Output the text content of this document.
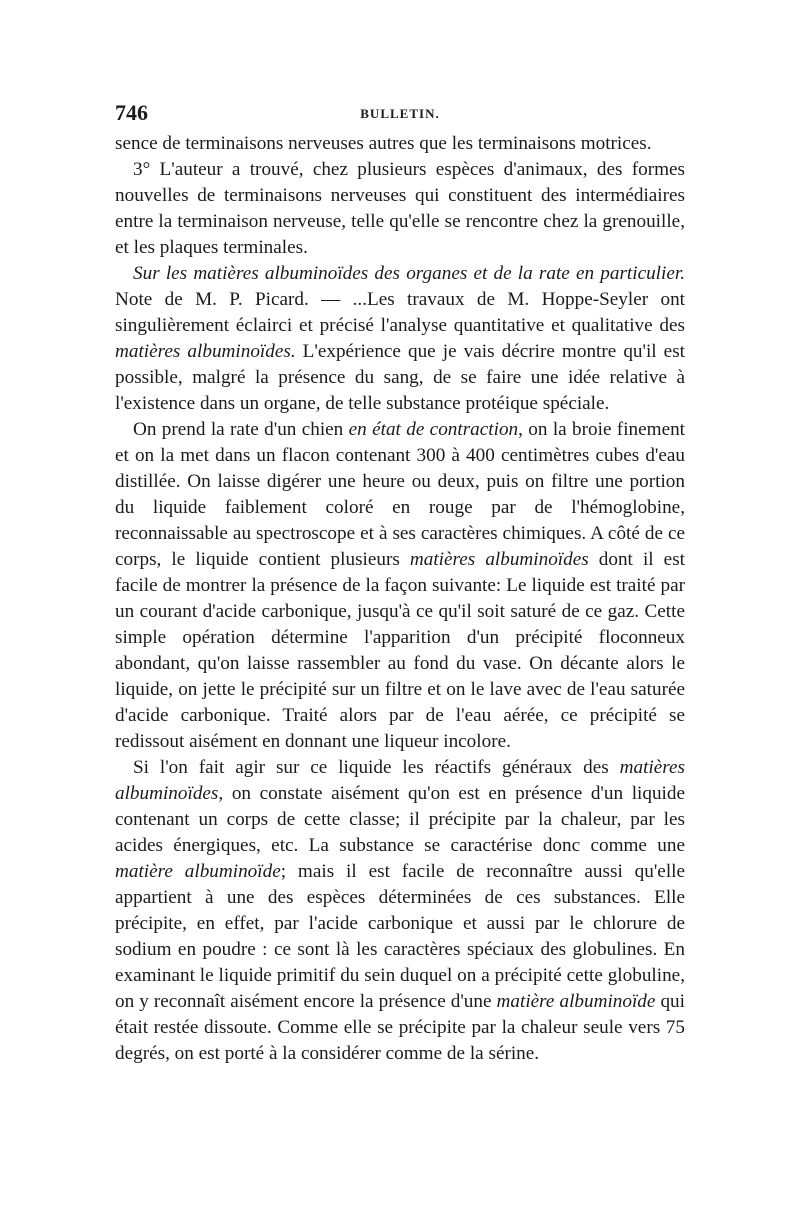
746	BULLETIN.

sence de terminaisons nerveuses autres que les terminaisons motrices.

3° L'auteur a trouvé, chez plusieurs espèces d'animaux, des formes nouvelles de terminaisons nerveuses qui constituent des intermédiaires entre la terminaison nerveuse, telle qu'elle se rencontre chez la grenouille, et les plaques terminales.

Sur les matières albuminoïdes des organes et de la rate en particulier. Note de M. P. Picard. — ...Les travaux de M. Hoppe-Seyler ont singulièrement éclairci et précisé l'analyse quantitative et qualitative des matières albuminoïdes. L'expérience que je vais décrire montre qu'il est possible, malgré la présence du sang, de se faire une idée relative à l'existence dans un organe, de telle substance protéique spéciale.

On prend la rate d'un chien en état de contraction, on la broie finement et on la met dans un flacon contenant 300 à 400 centimètres cubes d'eau distillée. On laisse digérer une heure ou deux, puis on filtre une portion du liquide faiblement coloré en rouge par de l'hémoglobine, reconnaissable au spectroscope et à ses caractères chimiques. A côté de ce corps, le liquide contient plusieurs matières albuminoïdes dont il est facile de montrer la présence de la façon suivante: Le liquide est traité par un courant d'acide carbonique, jusqu'à ce qu'il soit saturé de ce gaz. Cette simple opération détermine l'apparition d'un précipité floconneux abondant, qu'on laisse rassembler au fond du vase. On décante alors le liquide, on jette le précipité sur un filtre et on le lave avec de l'eau saturée d'acide carbonique. Traité alors par de l'eau aérée, ce précipité se redissout aisément en donnant une liqueur incolore.

Si l'on fait agir sur ce liquide les réactifs généraux des matières albuminoïdes, on constate aisément qu'on est en présence d'un liquide contenant un corps de cette classe; il précipite par la chaleur, par les acides énergiques, etc. La substance se caractérise donc comme une matière albuminoïde; mais il est facile de reconnaître aussi qu'elle appartient à une des espèces déterminées de ces substances. Elle précipite, en effet, par l'acide carbonique et aussi par le chlorure de sodium en poudre : ce sont là les caractères spéciaux des globulines. En examinant le liquide primitif du sein duquel on a précipité cette globuline, on y reconnaît aisément encore la présence d'une matière albuminoïde qui était restée dissoute. Comme elle se précipite par la chaleur seule vers 75 degrés, on est porté à la considérer comme de la sérine.
